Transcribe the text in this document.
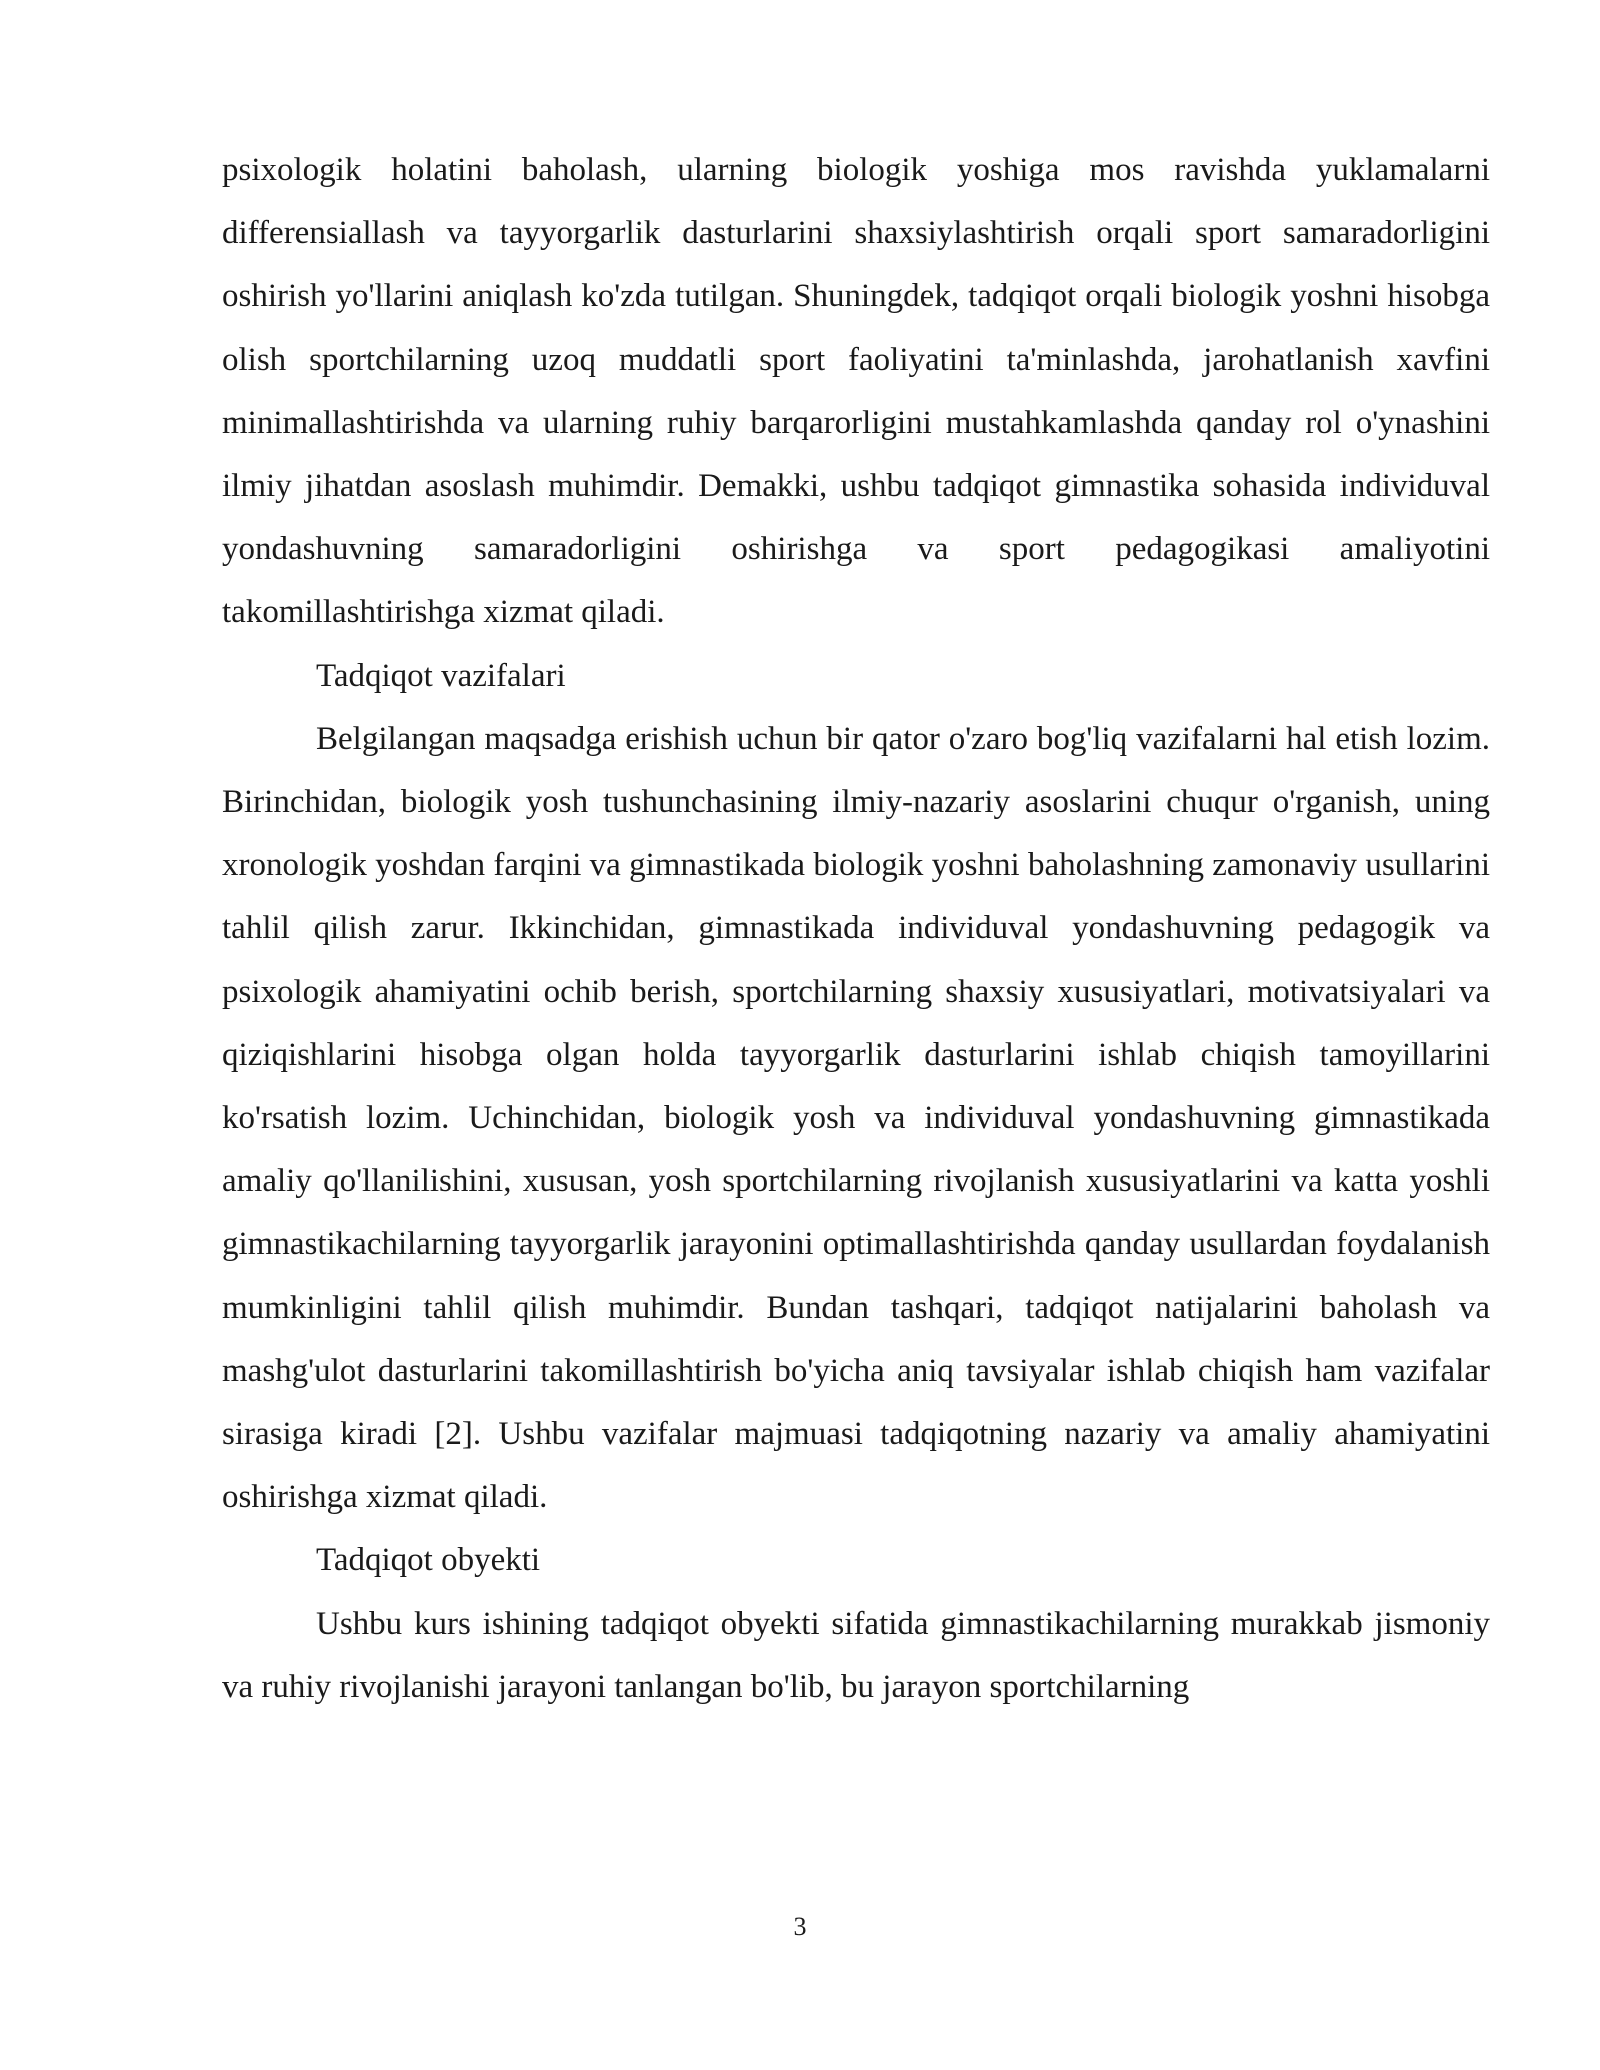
psixologik holatini baholash, ularning biologik yoshiga mos ravishda yuklamalarni differensiallash va tayyorgarlik dasturlarini shaxsiylashtirish orqali sport samaradorligini oshirish yo'llarini aniqlash ko'zda tutilgan. Shuningdek, tadqiqot orqali biologik yoshni hisobga olish sportchilarning uzoq muddatli sport faoliyatini ta'minlashda, jarohatlanish xavfini minimallashtirishda va ularning ruhiy barqarorligini mustahkamlashda qanday rol o'ynashini ilmiy jihatdan asoslash muhimdir. Demakki, ushbu tadqiqot gimnastika sohasida individuval yondashuvning samaradorligini oshirishga va sport pedagogikasi amaliyotini takomillashtirishga xizmat qiladi.

Tadqiqot vazifalari

Belgilangan maqsadga erishish uchun bir qator o'zaro bog'liq vazifalarni hal etish lozim. Birinchidan, biologik yosh tushunchasining ilmiy-nazariy asoslarini chuqur o'rganish, uning xronologik yoshdan farqini va gimnastikada biologik yoshni baholashning zamonaviy usullarini tahlil qilish zarur. Ikkinchidan, gimnastikada individuval yondashuvning pedagogik va psixologik ahamiyatini ochib berish, sportchilarning shaxsiy xususiyatlari, motivatsiyalari va qiziqishlarini hisobga olgan holda tayyorgarlik dasturlarini ishlab chiqish tamoyillarini ko'rsatish lozim. Uchinchidan, biologik yosh va individuval yondashuvning gimnastikada amaliy qo'llanilishini, xususan, yosh sportchilarning rivojlanish xususiyatlarini va katta yoshli gimnastikachilarning tayyorgarlik jarayonini optimallashtirishda qanday usullardan foydalanish mumkinligini tahlil qilish muhimdir. Bundan tashqari, tadqiqot natijalarini baholash va mashg'ulot dasturlarini takomillashtirish bo'yicha aniq tavsiyalar ishlab chiqish ham vazifalar sirasiga kiradi [2]. Ushbu vazifalar majmuasi tadqiqotning nazariy va amaliy ahamiyatini oshirishga xizmat qiladi.

Tadqiqot obyekti

Ushbu kurs ishining tadqiqot obyekti sifatida gimnastikachilarning murakkab jismoniy va ruhiy rivojlanishi jarayoni tanlangan bo'lib, bu jarayon sportchilarning

3
